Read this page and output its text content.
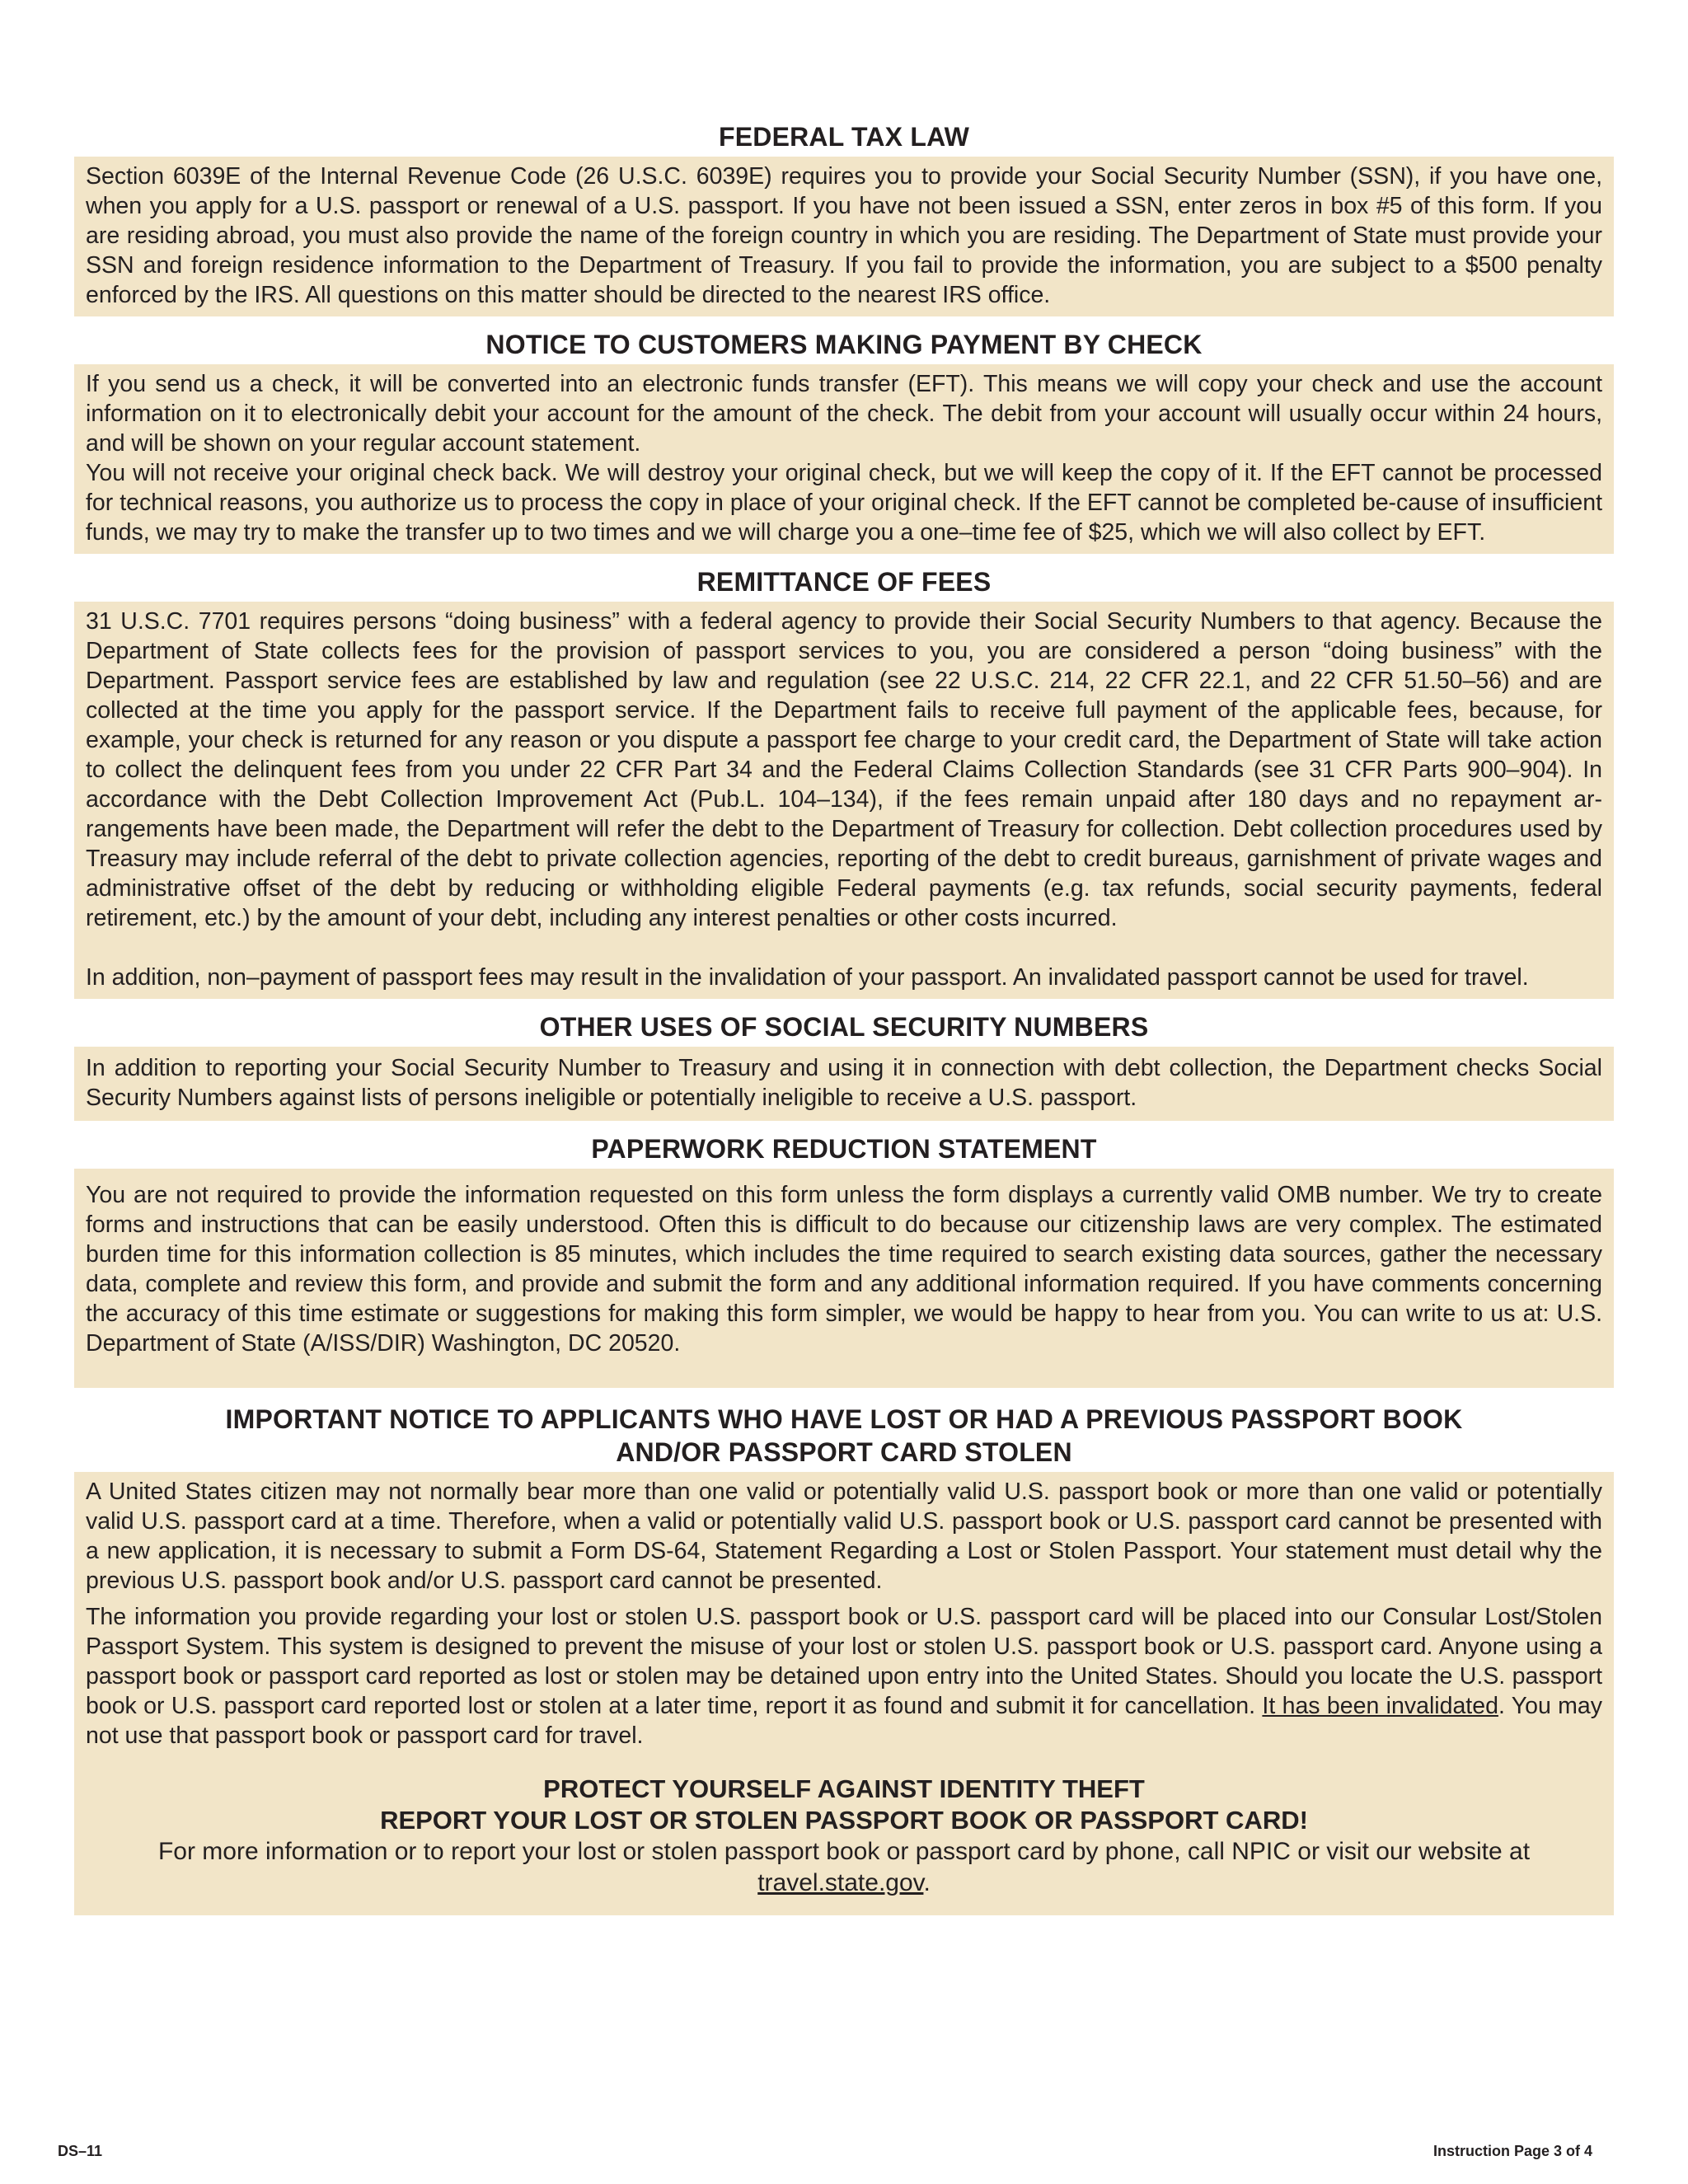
FEDERAL TAX LAW

Section 6039E of the Internal Revenue Code (26 U.S.C. 6039E) requires you to provide your Social Security Number (SSN), if you have one, when you apply for a U.S. passport or renewal of a U.S. passport. If you have not been issued a SSN, enter zeros in box #5 of this form. If you are residing abroad, you must also provide the name of the foreign country in which you are residing. The Department of State must provide your SSN and foreign residence information to the Department of Treasury. If you fail to provide the information, you are subject to a $500 penalty enforced by the IRS. All questions on this matter should be directed to the nearest IRS office.

NOTICE TO CUSTOMERS MAKING PAYMENT BY CHECK

If you send us a check, it will be converted into an electronic funds transfer (EFT). This means we will copy your check and use the account information on it to electronically debit your account for the amount of the check. The debit from your account will usually occur within 24 hours, and will be shown on your regular account statement.

You will not receive your original check back. We will destroy your original check, but we will keep the copy of it. If the EFT cannot be processed for technical reasons, you authorize us to process the copy in place of your original check. If the EFT cannot be completed be-cause of insufficient funds, we may try to make the transfer up to two times and we will charge you a one–time fee of $25, which we will also collect by EFT.

REMITTANCE OF FEES

31 U.S.C. 7701 requires persons “doing business” with a federal agency to provide their Social Security Numbers to that agency. Because the Department of State collects fees for the provision of passport services to you, you are considered a person “doing business” with the Department. Passport service fees are established by law and regulation (see 22 U.S.C. 214, 22 CFR 22.1, and 22 CFR 51.50–56) and are collected at the time you apply for the passport service. If the Department fails to receive full payment of the applicable fees, because, for example, your check is returned for any reason or you dispute a passport fee charge to your credit card, the Department of State will take action to collect the delinquent fees from you under 22 CFR Part 34 and the Federal Claims Collection Standards (see 31 CFR Parts 900–904). In accordance with the Debt Collection Improvement Act (Pub.L. 104–134), if the fees remain unpaid after 180 days and no repayment ar-rangements have been made, the Department will refer the debt to the Department of Treasury for collection. Debt collection procedures used by Treasury may include referral of the debt to private collection agencies, reporting of the debt to credit bureaus, garnishment of private wages and administrative offset of the debt by reducing or withholding eligible Federal payments (e.g. tax refunds, social security payments, federal retirement, etc.) by the amount of your debt, including any interest penalties or other costs incurred.

In addition, non–payment of passport fees may result in the invalidation of your passport. An invalidated passport cannot be used for travel.

OTHER USES OF SOCIAL SECURITY NUMBERS

In addition to reporting your Social Security Number to Treasury and using it in connection with debt collection, the Department checks Social Security Numbers against lists of persons ineligible or potentially ineligible to receive a U.S. passport.

PAPERWORK REDUCTION STATEMENT

You are not required to provide the information requested on this form unless the form displays a currently valid OMB number. We try to create forms and instructions that can be easily understood. Often this is difficult to do because our citizenship laws are very complex. The estimated burden time for this information collection is 85 minutes, which includes the time required to search existing data sources, gather the necessary data, complete and review this form, and provide and submit the form and any additional information required. If you have comments concerning the accuracy of this time estimate or suggestions for making this form simpler, we would be happy to hear from you. You can write to us at: U.S. Department of State (A/ISS/DIR) Washington, DC 20520.

IMPORTANT NOTICE TO APPLICANTS WHO HAVE LOST OR HAD A PREVIOUS PASSPORT BOOK
AND/OR PASSPORT CARD STOLEN

A United States citizen may not normally bear more than one valid or potentially valid U.S. passport book or more than one valid or potentially valid U.S. passport card at a time. Therefore, when a valid or potentially valid U.S. passport book or U.S. passport card cannot be presented with a new application, it is necessary to submit a Form DS-64, Statement Regarding a Lost or Stolen Passport. Your statement must detail why the previous U.S. passport book and/or U.S. passport card cannot be presented.

The information you provide regarding your lost or stolen U.S. passport book or U.S. passport card will be placed into our Consular Lost/Stolen Passport System. This system is designed to prevent the misuse of your lost or stolen U.S. passport book or U.S. passport card. Anyone using a passport book or passport card reported as lost or stolen may be detained upon entry into the United States. Should you locate the U.S. passport book or U.S. passport card reported lost or stolen at a later time, report it as found and submit it for cancellation. It has been invalidated. You may not use that passport book or passport card for travel.

PROTECT YOURSELF AGAINST IDENTITY THEFT
REPORT YOUR LOST OR STOLEN PASSPORT BOOK OR PASSPORT CARD!
For more information or to report your lost or stolen passport book or passport card by phone, call NPIC or visit our website at travel.state.gov.
DS–11	Instruction Page 3 of 4
